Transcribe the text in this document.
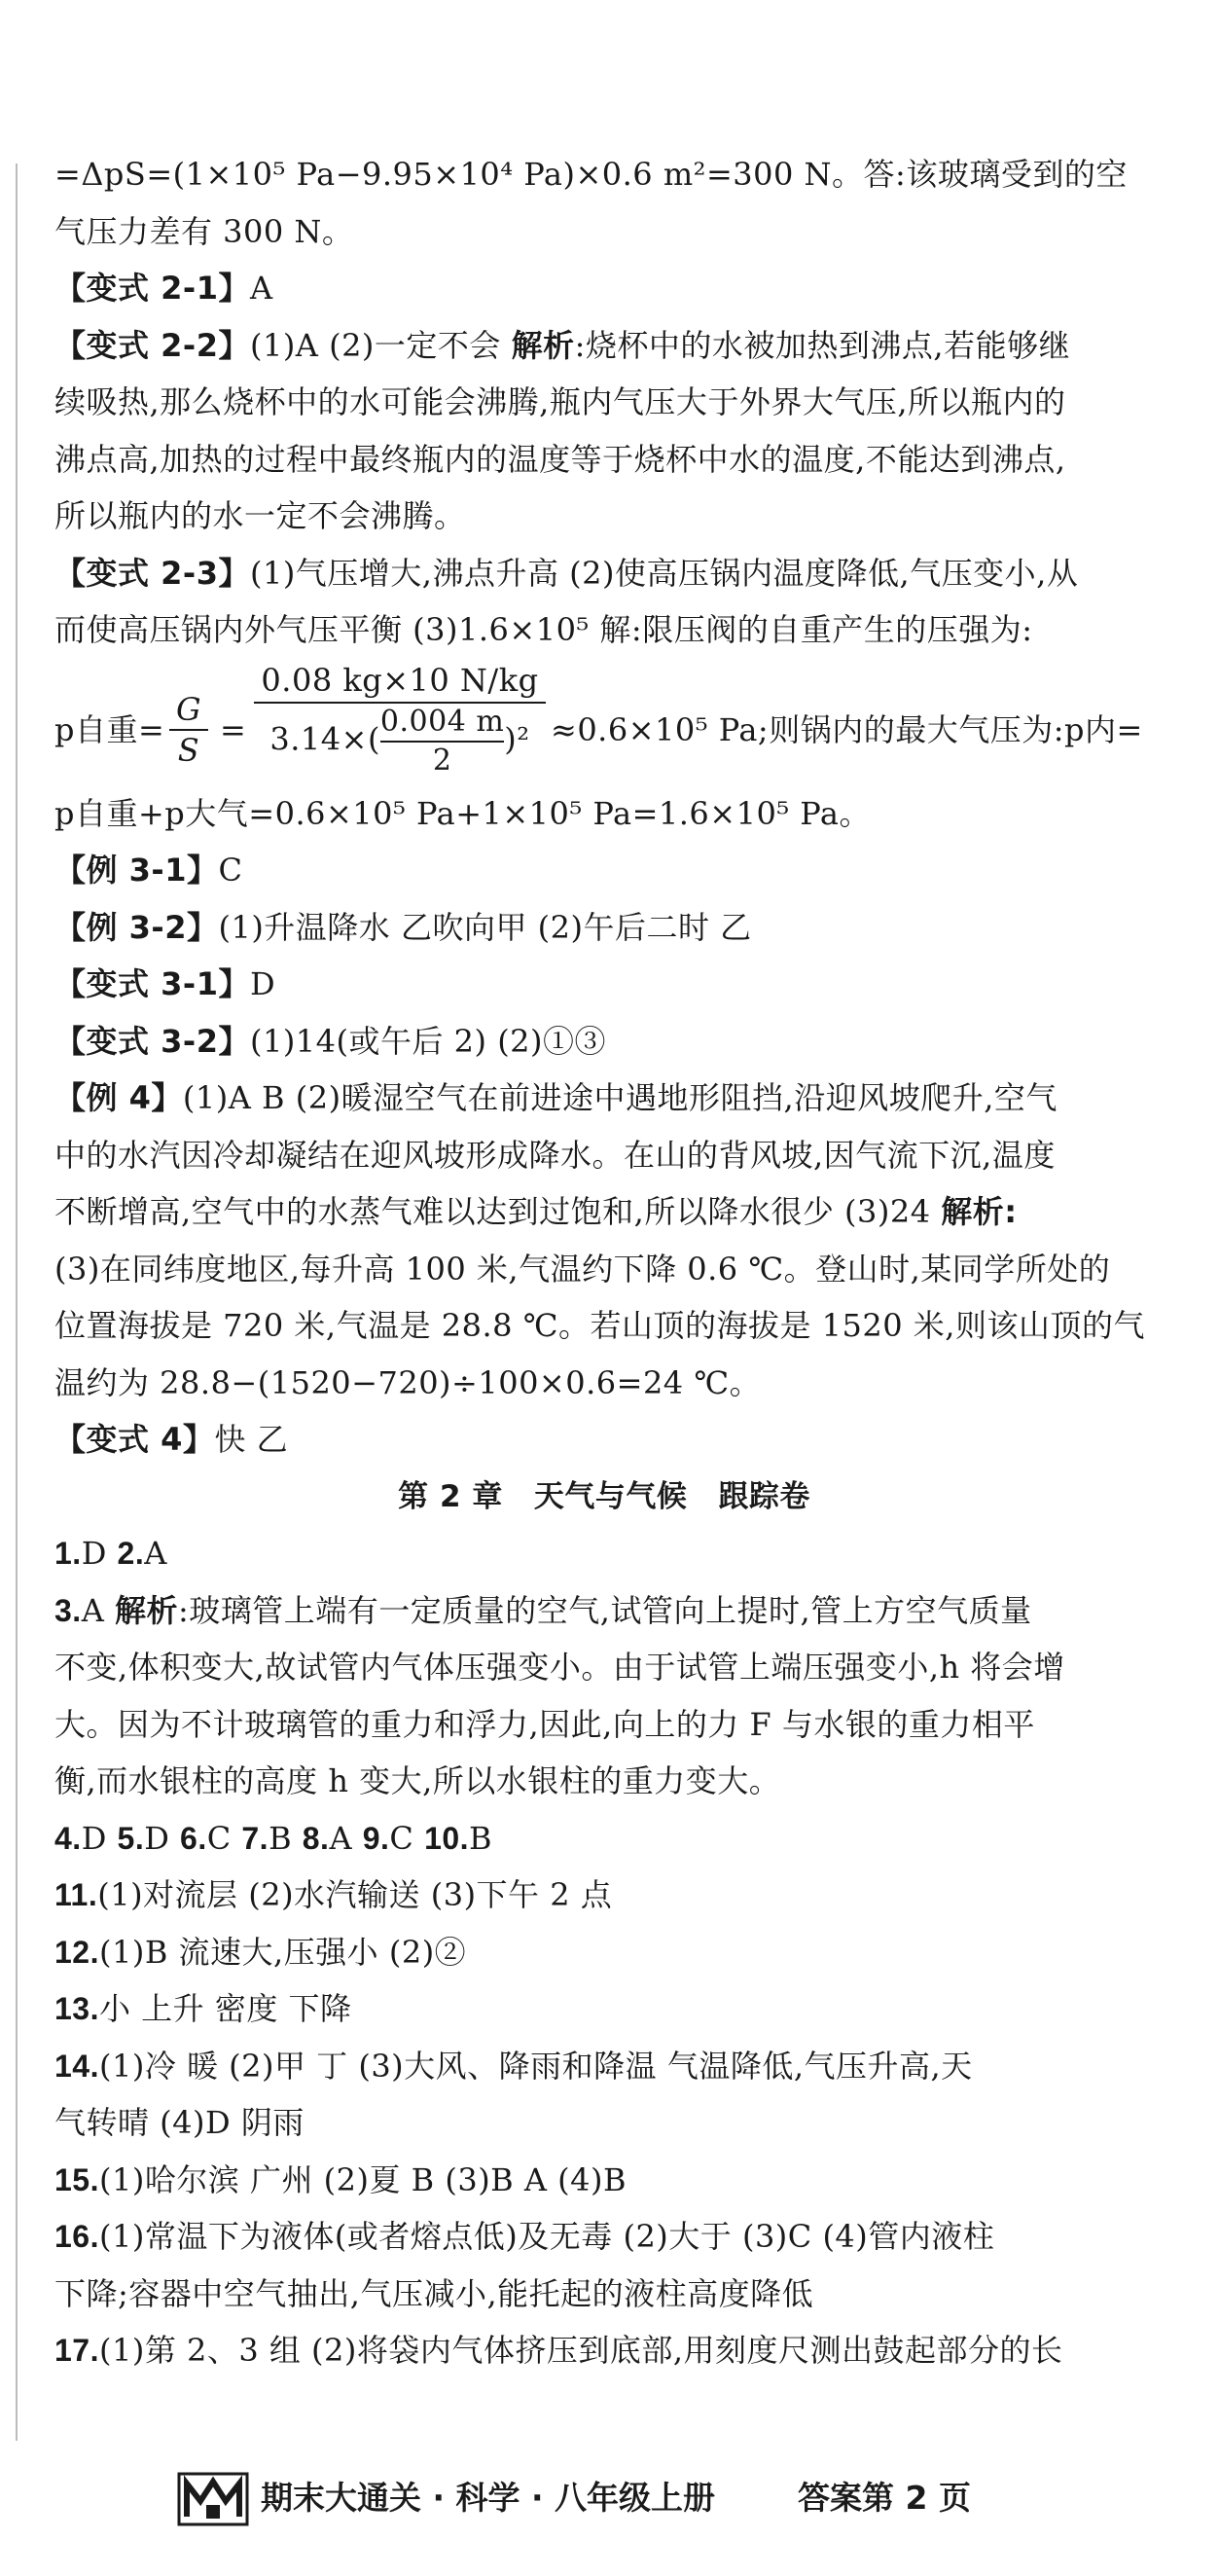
=ΔpS=(1×10⁵ Pa−9.95×10⁴ Pa)×0.6 m²=300 N。答:该玻璃受到的空
气压力差有 300 N。
【变式 2-1】A
【变式 2-2】(1)A (2)一定不会 解析:烧杯中的水被加热到沸点,若能够继
续吸热,那么烧杯中的水可能会沸腾,瓶内气压大于外界大气压,所以瓶内的
沸点高,加热的过程中最终瓶内的温度等于烧杯中水的温度,不能达到沸点,
所以瓶内的水一定不会沸腾。
【变式 2-3】(1)气压增大,沸点升高 (2)使高压锅内温度降低,气压变小,从
而使高压锅内外气压平衡 (3)1.6×10⁵ 解:限压阀的自重产生的压强为:
p自重=
G
S
=
0.08 kg×10 N/kg
$3.14\times( \frac{0.004 m}{2} )^2 \approx 0.6\times 10^5$ Pa;则锅内的最大气压为:p内=
p自重+p大气=0.6×10⁵ Pa+1×10⁵ Pa=1.6×10⁵ Pa。
【例 3-1】C
【例 3-2】(1)升温降水 乙吹向甲 (2)午后二时 乙
【变式 3-1】D
【变式 3-2】(1)14(或午后 2) (2)①③
【例 4】(1)A B (2)暖湿空气在前进途中遇地形阻挡,沿迎风坡爬升,空气
中的水汽因冷却凝结在迎风坡形成降水。在山的背风坡,因气流下沉,温度
不断增高,空气中的水蒸气难以达到过饱和,所以降水很少 (3)24 解析:
(3)在同纬度地区,每升高 100 米,气温约下降 0.6 ℃。登山时,某同学所处的
位置海拔是 720 米,气温是 28.8 ℃。若山顶的海拔是 1520 米,则该山顶的气
温约为 28.8−(1520−720)÷100×0.6=24 ℃。
【变式 4】快 乙
第 2 章 天气与气候 跟踪卷
1.D 2.A
3.A 解析:玻璃管上端有一定质量的空气,试管向上提时,管上方空气质量
不变,体积变大,故试管内气体压强变小。由于试管上端压强变小,h 将会增
大。因为不计玻璃管的重力和浮力,因此,向上的力 F 与水银的重力相平
衡,而水银柱的高度 h 变大,所以水银柱的重力变大。
4.D 5.D 6.C 7.B 8.A 9.C 10.B
11.(1)对流层 (2)水汽输送 (3)下午 2 点
12.(1)B 流速大,压强小 (2)②
13.小 上升 密度 下降
14.(1)冷 暖 (2)甲 丁 (3)大风、降雨和降温 气温降低,气压升高,天
气转晴 (4)D 阴雨
15.(1)哈尔滨 广州 (2)夏 B (3)B A (4)B
16.(1)常温下为液体(或者熔点低)及无毒 (2)大于 (3)C (4)管内液柱
下降;容器中空气抽出,气压减小,能托起的液柱高度降低
17.(1)第 2、3 组 (2)将袋内气体挤压到底部,用刻度尺测出鼓起部分的长
期末大通关 · 科学 · 八年级上册	答案第 2 页
